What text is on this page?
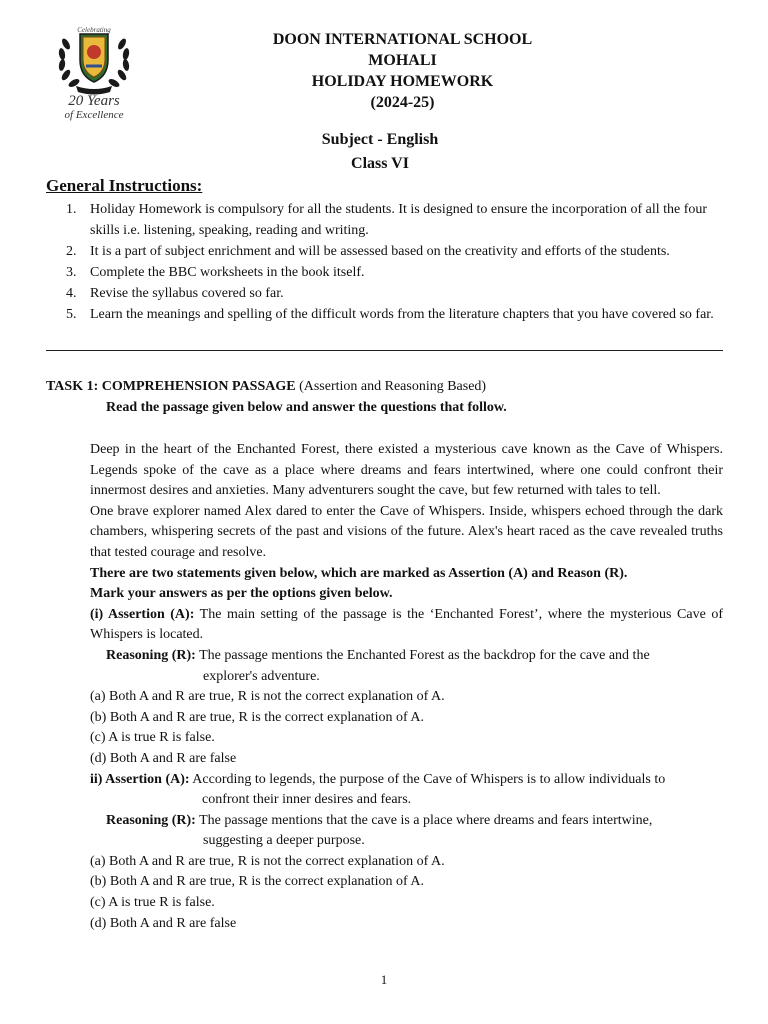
Celebrating
20 Years
of Excellence
DOON INTERNATIONAL SCHOOL
MOHALI
HOLIDAY HOMEWORK
(2024-25)
Subject - English
Class VI
General Instructions:
1. Holiday Homework is compulsory for all the students. It is designed to ensure the incorporation of all the four skills i.e. listening, speaking, reading and writing.
2. It is a part of subject enrichment and will be assessed based on the creativity and efforts of the students.
3. Complete the BBC worksheets in the book itself.
4. Revise the syllabus covered so far.
5. Learn the meanings and spelling of the difficult words from the literature chapters that you have covered so far.
TASK 1: COMPREHENSION PASSAGE (Assertion and Reasoning Based)
Read the passage given below and answer the questions that follow.

Deep in the heart of the Enchanted Forest, there existed a mysterious cave known as the Cave of Whispers. Legends spoke of the cave as a place where dreams and fears intertwined, where one could confront their innermost desires and anxieties. Many adventurers sought the cave, but few returned with tales to tell.

One brave explorer named Alex dared to enter the Cave of Whispers. Inside, whispers echoed through the dark chambers, whispering secrets of the past and visions of the future. Alex's heart raced as the cave revealed truths that tested courage and resolve.

There are two statements given below, which are marked as Assertion (A) and Reason (R).

Mark your answers as per the options given below.

(i) Assertion (A): The main setting of the passage is the ‘Enchanted Forest’, where the mysterious Cave of Whispers is located.

Reasoning (R): The passage mentions the Enchanted Forest as the backdrop for the cave and the

explorer's adventure.

(a) Both A and R are true, R is not the correct explanation of A.

(b) Both A and R are true, R is the correct explanation of A.

(c) A is true R is false.

(d) Both A and R are false

ii) Assertion (A): According to legends, the purpose of the Cave of Whispers is to allow individuals to

confront their inner desires and fears.

Reasoning (R): The passage mentions that the cave is a place where dreams and fears intertwine,

suggesting a deeper purpose.

(a) Both A and R are true, R is not the correct explanation of A.

(b) Both A and R are true, R is the correct explanation of A.

(c) A is true R is false.

(d) Both A and R are false

1
